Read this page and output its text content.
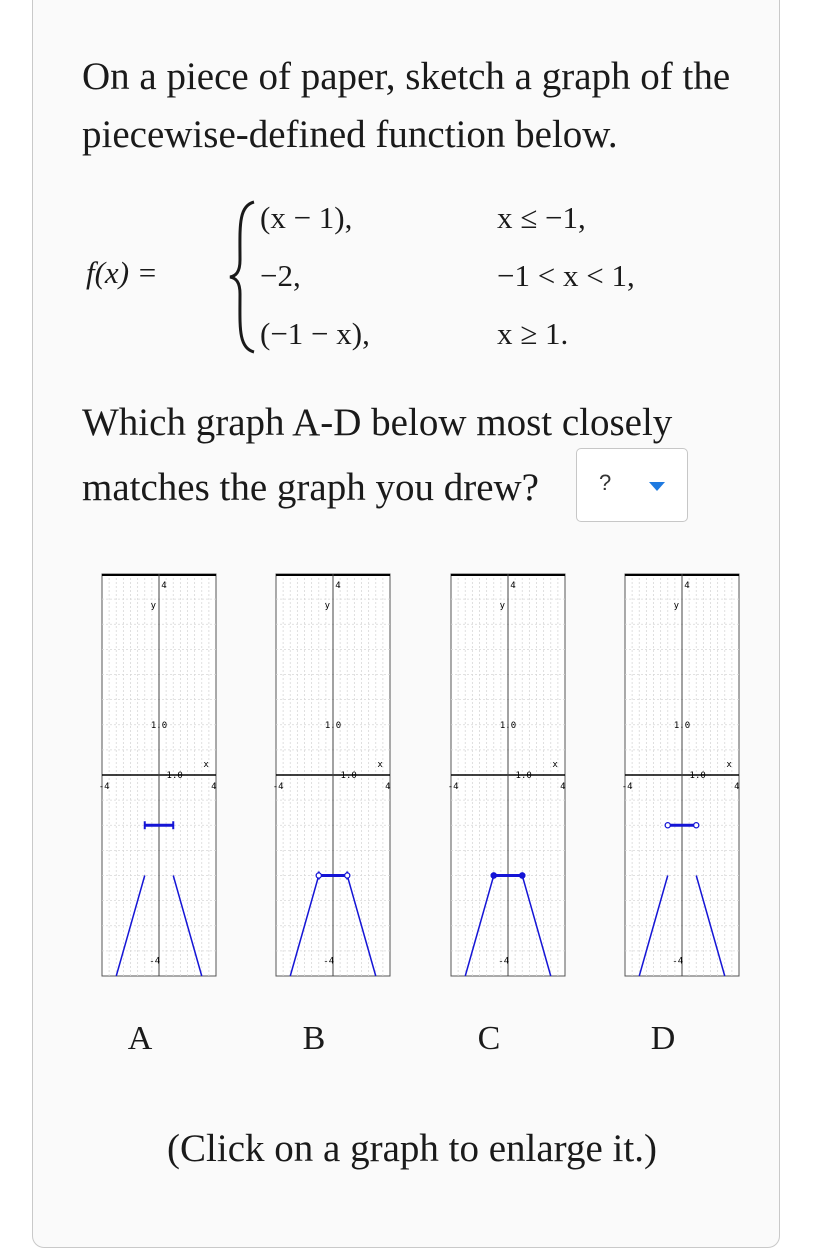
On a piece of paper, sketch a graph of the piecewise-defined function below.
f(x) =
(x − 1),	x ≤ −1,
−2,	−1 < x < 1,
(−1 − x),	x ≥ 1.
Which graph A-D below most closely matches the graph you drew?	?
y
4
x
-4	4
1.0
1.0
-4
A
y
4
x
-4	4
1.0
1.0
-4
B
y
4
x
-4	4
1.0
1.0
-4
C
y
4
x
-4	4
1.0
1.0
-4
D
(Click on a graph to enlarge it.)
